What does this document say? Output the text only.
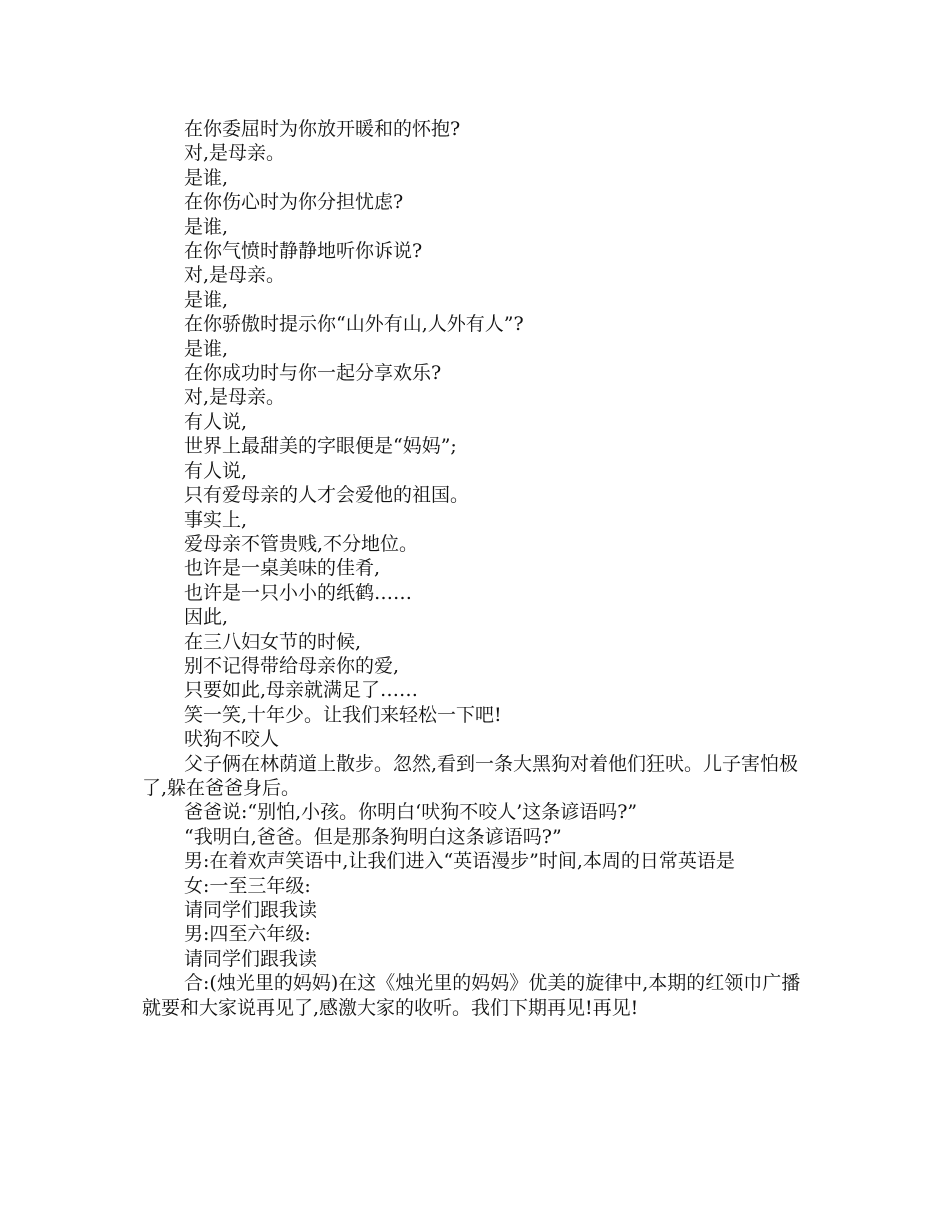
在你委屈时为你放开暖和的怀抱?

对,是母亲。

是谁,

在你伤心时为你分担忧虑?

是谁,

在你气愤时静静地听你诉说?

对,是母亲。

是谁,

在你骄傲时提示你“山外有山,人外有人”?

是谁,

在你成功时与你一起分享欢乐?

对,是母亲。

有人说,

世界上最甜美的字眼便是“妈妈”;

有人说,

只有爱母亲的人才会爱他的祖国。

事实上,

爱母亲不管贵贱,不分地位。

也许是一桌美味的佳肴,

也许是一只小小的纸鹤……

因此,

在三八妇女节的时候,

别不记得带给母亲你的爱,

只要如此,母亲就满足了……

笑一笑,十年少。让我们来轻松一下吧!

吠狗不咬人

父子俩在林荫道上散步。忽然,看到一条大黑狗对着他们狂吠。儿子害怕极了,躲在爸爸身后。

爸爸说:“别怕,小孩。你明白‘吠狗不咬人’这条谚语吗?”

“我明白,爸爸。但是那条狗明白这条谚语吗?”

男:在着欢声笑语中,让我们进入“英语漫步”时间,本周的日常英语是

女:一至三年级:

请同学们跟我读

男:四至六年级:

请同学们跟我读

合:(烛光里的妈妈)在这《烛光里的妈妈》优美的旋律中,本期的红领巾广播就要和大家说再见了,感激大家的收听。我们下期再见!再见!
